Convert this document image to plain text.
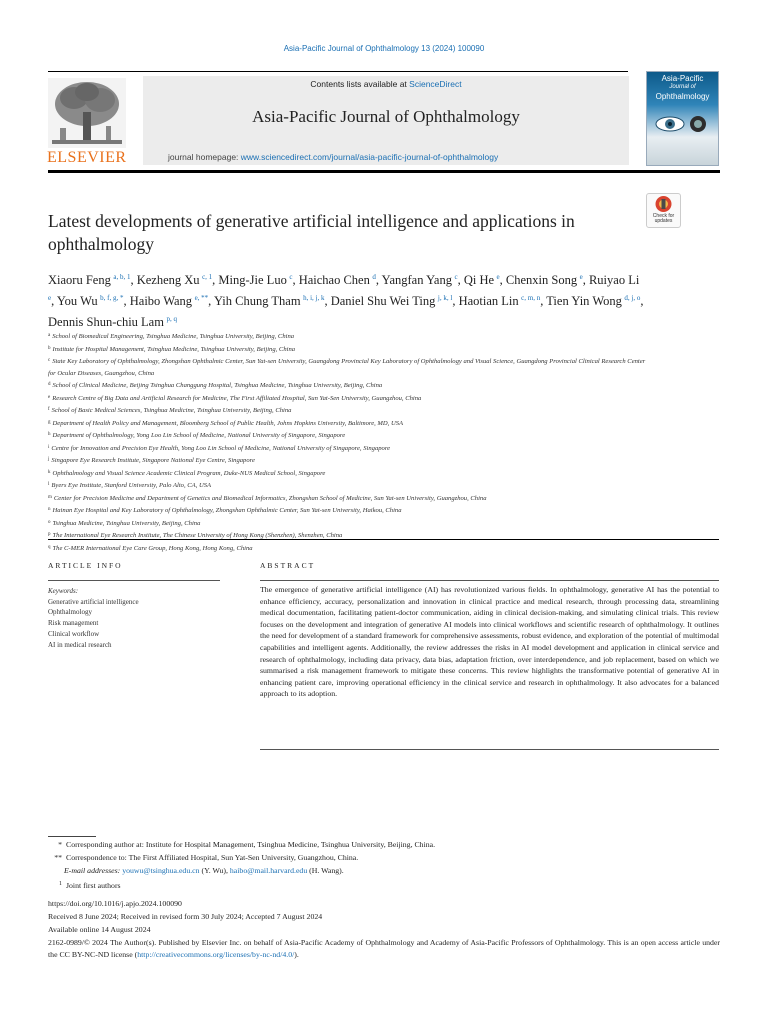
Asia-Pacific Journal of Ophthalmology 13 (2024) 100090
ELSEVIER
Contents lists available at ScienceDirect
Asia-Pacific Journal of Ophthalmology
journal homepage: www.sciencedirect.com/journal/asia-pacific-journal-of-ophthalmology
Asia-Pacific
Journal of
Ophthalmology
Check for updates
Latest developments of generative artificial intelligence and applications in ophthalmology
Xiaoru Feng  $^{a, b, 1}$, Kezheng Xu  $^{c, 1}$, Ming-Jie Luo  $^c$, Haichao Chen  $^d$, Yangfan Yang  $^c$, Qi He  $^e$, Chenxin Song  $^e$, Ruiyao Li $^e$, You Wu  $^{b, f, g, *}$, Haibo Wang  $^{e, **}$, Yih Chung Tham  $^{h, i, j, k}$, Daniel Shu Wei Ting  $^{j, k, l}$, Haotian Lin  $^{c, m, n}$, Tien Yin Wong  $^{d, j, o}$, Dennis Shun-chiu Lam  $^{p, q}$
$^a$ School of Biomedical Engineering, Tsinghua Medicine, Tsinghua University, Beijing, China
$^b$ Institute for Hospital Management, Tsinghua Medicine, Tsinghua University, Beijing, China
$^c$ State Key Laboratory of Ophthalmology, Zhongshan Ophthalmic Center, Sun Yat-sen University, Guangdong Provincial Key Laboratory of Ophthalmology and Visual Science, Guangdong Provincial Clinical Research Center for Ocular Diseases, Guangzhou, China
$^d$ School of Clinical Medicine, Beijing Tsinghua Changgung Hospital, Tsinghua Medicine, Tsinghua University, Beijing, China
$^e$ Research Centre of Big Data and Artificial Research for Medicine, The First Affiliated Hospital, Sun Yat-Sen University, Guangzhou, China
$^f$ School of Basic Medical Sciences, Tsinghua Medicine, Tsinghua University, Beijing, China
$^g$ Department of Health Policy and Management, Bloomberg School of Public Health, Johns Hopkins University, Baltimore, MD, USA
$^h$ Department of Ophthalmology, Yong Loo Lin School of Medicine, National University of Singapore, Singapore
$^i$ Centre for Innovation and Precision Eye Health, Yong Loo Lin School of Medicine, National University of Singapore, Singapore
$^j$ Singapore Eye Research Institute, Singapore National Eye Centre, Singapore
$^k$ Ophthalmology and Visual Science Academic Clinical Program, Duke-NUS Medical School, Singapore
$^l$ Byers Eye Institute, Stanford University, Palo Alto, CA, USA
$^m$ Center for Precision Medicine and Department of Genetics and Biomedical Informatics, Zhongshan School of Medicine, Sun Yat-sen University, Guangzhou, China
$^n$ Hainan Eye Hospital and Key Laboratory of Ophthalmology, Zhongshan Ophthalmic Center, Sun Yat-sen University, Haikou, China
$^o$ Tsinghua Medicine, Tsinghua University, Beijing, China
$^p$ The International Eye Research Institute, The Chinese University of Hong Kong (Shenzhen), Shenzhen, China
$^q$ The C-MER International Eye Care Group, Hong Kong, Hong Kong, China
ARTICLE INFO
Keywords:
Generative artificial intelligence
Ophthalmology
Risk management
Clinical workflow
AI in medical research
ABSTRACT
The emergence of generative artificial intelligence (AI) has revolutionized various fields. In ophthalmology, generative AI has the potential to enhance efficiency, accuracy, personalization and innovation in clinical practice and medical research, through processing data, streamlining medical documentation, facilitating patient-doctor communication, aiding in clinical decision-making, and simulating clinical trials. This review focuses on the development and integration of generative AI models into clinical workflows and scientific research of ophthalmology. It outlines the need for development of a standard framework for comprehensive assessments, robust evidence, and exploration of the potential of multimodal capabilities and intelligent agents. Additionally, the review addresses the risks in AI model development and application in clinical service and research of ophthalmology, including data privacy, data bias, adaptation friction, over interdependence, and job replacement, based on which we summarised a risk management framework to mitigate these concerns. This review highlights the transformative potential of generative AI in enhancing patient care, improving operational efficiency in the clinical service and research in ophthalmology. It also advocates for a balanced approach to its adoption.
* Corresponding author at: Institute for Hospital Management, Tsinghua Medicine, Tsinghua University, Beijing, China.
** Correspondence to: The First Affiliated Hospital, Sun Yat-Sen University, Guangzhou, China.
E-mail addresses: youwu@tsinghua.edu.cn (Y. Wu), haibo@mail.harvard.edu (H. Wang).
1 Joint first authors
https://doi.org/10.1016/j.apjo.2024.100090
Received 8 June 2024; Received in revised form 30 July 2024; Accepted 7 August 2024
Available online 14 August 2024
2162-0989/© 2024 The Author(s). Published by Elsevier Inc. on behalf of Asia-Pacific Academy of Ophthalmology and Academy of Asia-Pacific Professors of Ophthalmology. This is an open access article under the CC BY-NC-ND license (http://creativecommons.org/licenses/by-nc-nd/4.0/).
